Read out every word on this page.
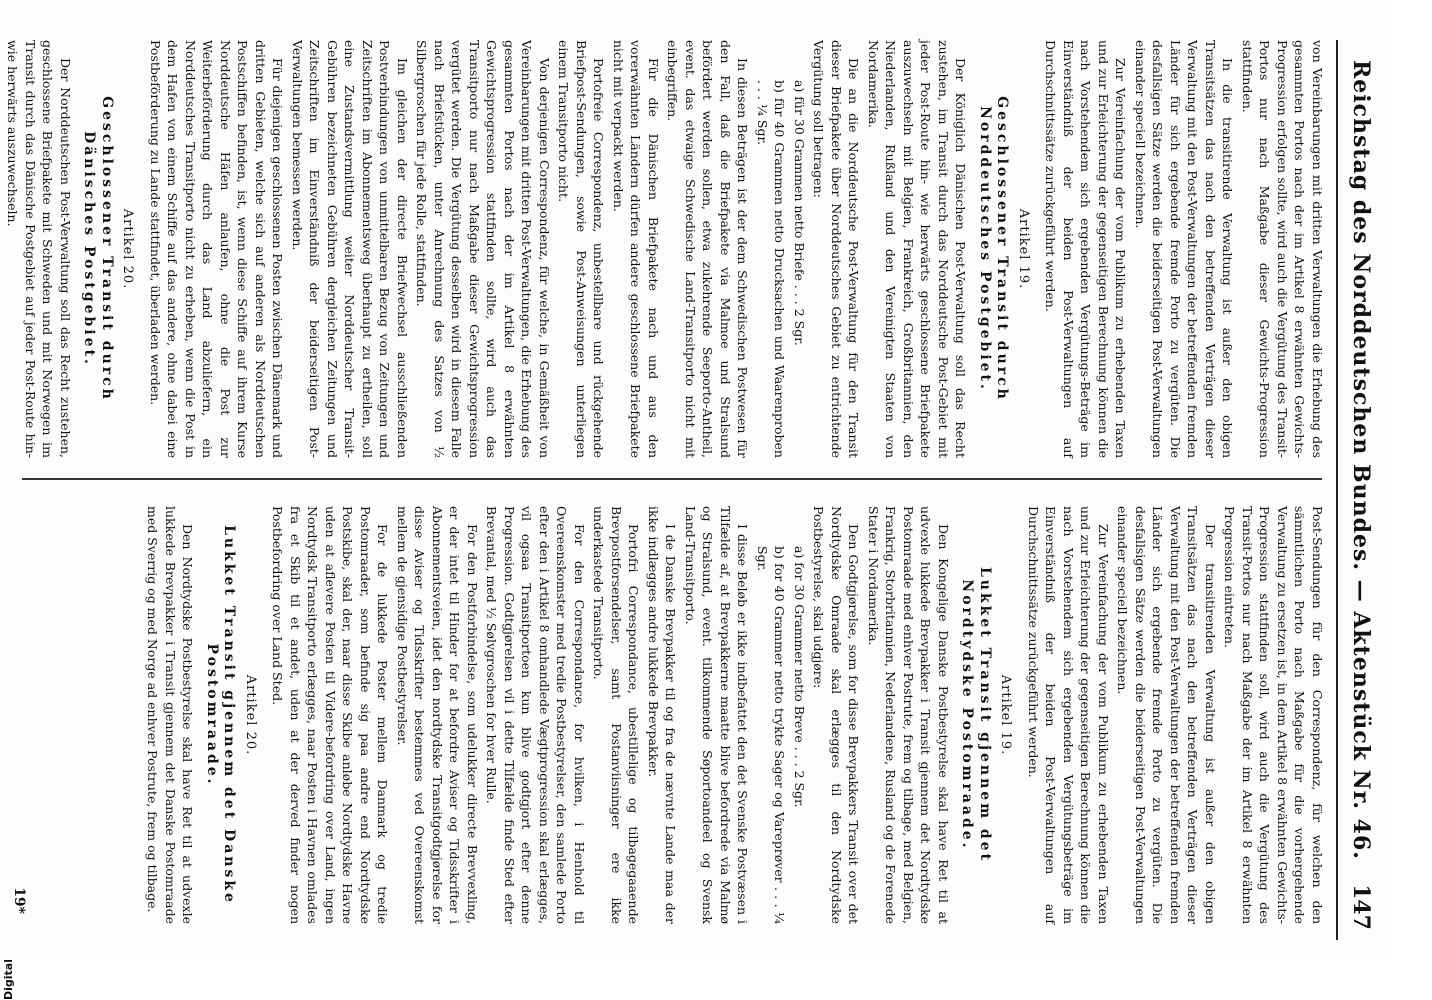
Reichstag des Norddeutschen Bundes. — Aktenstück Nr. 46.
147

von Vereinbarungen mit dritten Verwaltungen die Erhebung des gesammten Portos nach der im Artikel 8 erwähnten Gewichts-Progression erfolgen sollte, wird auch die Vergütung des Transit-Portos nur nach Maßgabe dieser Gewichts-Progression stattfinden.

In die transitirende Verwaltung ist außer den obigen Transitsätzen das nach den betreffenden Verträgen dieser Verwaltung mit den Post-Verwaltungen der betreffenden fremden Länder für sich ergebende fremde Porto zu vergüten. Die desfallsigen Sätze werden die beiderseitigen Post-Verwaltungen einander speciell bezeichnen.

Zur Vereinfachung der vom Publikum zu erhebenden Taxen und zur Erleichterung der gegenseitigen Berechnung können die nach Vorstehendem sich ergebenden Vergütungs-Beträge im Einverständniß der beiden Post-Verwaltungen auf Durchschnittssätze zurückgeführt werden.

Artikel 19.
Geschlossener Transit durch Norddeutsches Postgebiet.

Der Königlich Dänischen Post-Verwaltung soll das Recht zustehen, im Transit durch das Norddeutsche Post-Gebiet mit jeder Post-Route hin- wie herwärts geschlossene Briefpakete auszuwechseln mit Belgien, Frankreich, Großbritannien, den Niederlanden, Rußland und den Vereinigten Staaten von Nordamerika.

Die an die Norddeutsche Post-Verwaltung für den Transit dieser Briefpakete über Norddeutsches Gebiet zu entrichtende Vergütung soll betragen:

a) für 30 Grammen netto Briefe . . . 2 Sgr.

b) für 40 Grammen netto Drucksachen und Waarenproben . . . ¼ Sgr.

In diesen Beträgen ist der dem Schwedischen Postwesen für den Fall, daß die Briefpakete via Malmoe und Stralsund befördert werden sollen, etwa zukehrende Seeporto-Antheil, event. das etwaige Schwedische Land-Transitporto nicht mit einbegriffen.

Für die Dänischen Briefpakete nach und aus den vorerwähnten Ländern dürfen andere geschlossene Briefpakete nicht mit verpackt werden.

Portofreie Correspondenz, unbestellbare und rückgehende Briefpost-Sendungen, sowie Post-Anweisungen unterliegen einem Transitporto nicht.

Von derjenigen Correspondenz, für welche, in Gemäßheit von Vereinbarungen mit dritten Post-Verwaltungen, die Erhebung des gesammten Portos nach der im Artikel 8 erwähnten Gewichtsprogression stattfinden sollte, wird auch das Transitporto nur nach Maßgabe dieser Gewichtsprogression vergütet werden. Die Vergütung desselben wird in diesem Falle nach Briefstücken, unter Anrechnung des Satzes von ½ Silbergroschen für jede Rolle, stattfinden.

Im gleichen der directe Briefwechsel ausschließenden Postverbindungen von unmittelbaren Bezug von Zeitungen und Zeitschriften im Abonnementsweg überhaupt zu ertheilen, soll eine Zustandsvermittlung weiter Norddeutscher Transit-Gebühren bezeichneten Gebühren dergleichen Zeitungen und Zeitschriften im Einverständniß der beiderseitigen Post-Verwaltungen bemessen werden.

Für diejenigen geschlossenen Posten zwischen Dänemark und dritten Gebieten, welche sich auf anderen als Norddeutschen Postschiffen befinden, ist, wenn diese Schiffe auf ihrem Kurse Norddeutsche Häfen anlaufen, ohne die Post zur Weiterbeförderung durch das Land abzuliefern, ein Norddeutsches Transitporto nicht zu erheben, wenn die Post in dem Hafen von einem Schiffe auf das andere, ohne dabei eine Postbeförderung zu Lande stattfindet, überladen werden.

Artikel 20.
Geschlossener Transit durch Dänisches Postgebiet.

Der Norddeutschen Post-Verwaltung soll das Recht zustehen, geschlossene Briefpakete mit Schweden und mit Norwegen im Transit durch das Dänische Postgebiet auf jeder Post-Route hin- wie herwärts auszuwechseln.

Post-Sendungen für den Correspondenz, für welchen den sämmtlichen Porto nach Maßgabe für die vorhergehende Verwaltung zu ersetzen ist, in dem Artikel 8 erwähnten Gewichts-Progression stattfinden soll, wird auch die Vergütung des Transit-Portos nur nach Maßgabe der im Artikel 8 erwähnten Progression eintreten.

Der transitirenden Verwaltung ist außer den obigen Transitsätzen das nach den betreffenden Verträgen dieser Verwaltung mit den Post-Verwaltungen der betreffenden fremden Länder sich ergebende fremde Porto zu vergüten. Die desfallsigen Sätze werden die beiderseitigen Post-Verwaltungen einander speciell bezeichnen.

Zur Vereinfachung der vom Publikum zu erhebenden Taxen und zur Erleichterung der gegenseitigen Berechnung können die nach Vorstehendem sich ergebenden Vergütungsbeträge im Einverständniß der beiden Post-Verwaltungen auf Durchschnittssätze zurückgeführt werden.

Artikel 19.
Lukket Transit gjennem det Nordtydske Postomraade.

Den Kongelige Danske Postbestyrelse skal have Ret til at udvexle lukkede Brevpakker i Transit gjennem det Nordtydske Postomraade med enhver Postrute, frem og tilbage, med Belgien, Frankrig, Storbritannien, Nederlandene, Rusland og de Forenede Stater i Nordamerika.

Den Godtgjørelse, som for disse Brevpakkers Transit over det Nordtydske Omraade skal erlægges til den Nordtydske Postbestyrelse, skal udgjøre:

a) for 30 Grammer netto Breve . . . 2 Sgr.

b) for 40 Grammer netto trykte Sager og Vareprøver . . . ¼ Sgr.

I disse Beløb er ikke indbefattet den det Svenske Postvæsen i Tilfælde af, at Brevpakkerne maatte blive befordrede via Malmø og Stralsund, event. tilkommende Søportoandeel og Svensk Land-Transitporto.

I de Danske Brevpakker til og fra de nævnte Lande maa der ikke indlægges andre lukkede Brevpakker.

Portofri Correspondance, ubestillelige og tilbagegaaende Brevpostforsendelser, samt Postanviisninger ere ikke underkastede Transitporto.

For den Correspondance, for hvilken, i Henhold til Overeenskomster med tredie Postbestyrelser, den samlede Porto efter den i Artikel 8 omhandlede Vægtprogression skal erlægges, vil ogsaa Transitportoen kun blive godtgjort efter denne Progression. Godtgjørelsen vil i dette Tilfælde finde Sted efter Brevantal, med ½ Sølvgroschen for hver Rulle.

For den Postforbindelse, som udelukker directe Brevvexling, er der intet til Hinder for at befordre Aviser og Tidsskrifter i Abonnementsveien, idet den nordtydske Transitgodtgjørelse for disse Aviser og Tidsskrifter bestemmes ved Overeenskomst mellem de gjensidige Postbestyrelser.

For de lukkede Poster mellem Danmark og tredie Postomraader, som befinde sig paa andre end Nordtydske Postskibe, skal der, naar disse Skibe anløbe Nordtydske Havne uden at aflevere Posten til Videre-befordring over Land, ingen Nordtydsk Transitporto erlægges, naar Posten i Havnen omlades fra et Skib til et andet, uden at der derved finder nogen Postbefordring over Land Sted.

Artikel 20.
Lukket Transit gjennem det Danske Postomraade.

Den Nordtydske Postbestyrelse skal have Ret til at udvexle lukkede Brevpakker i Transit gjennem det Danske Postomraade med Sverrig og med Norge ad enhver Postrute, frem og tilbage.

19*
